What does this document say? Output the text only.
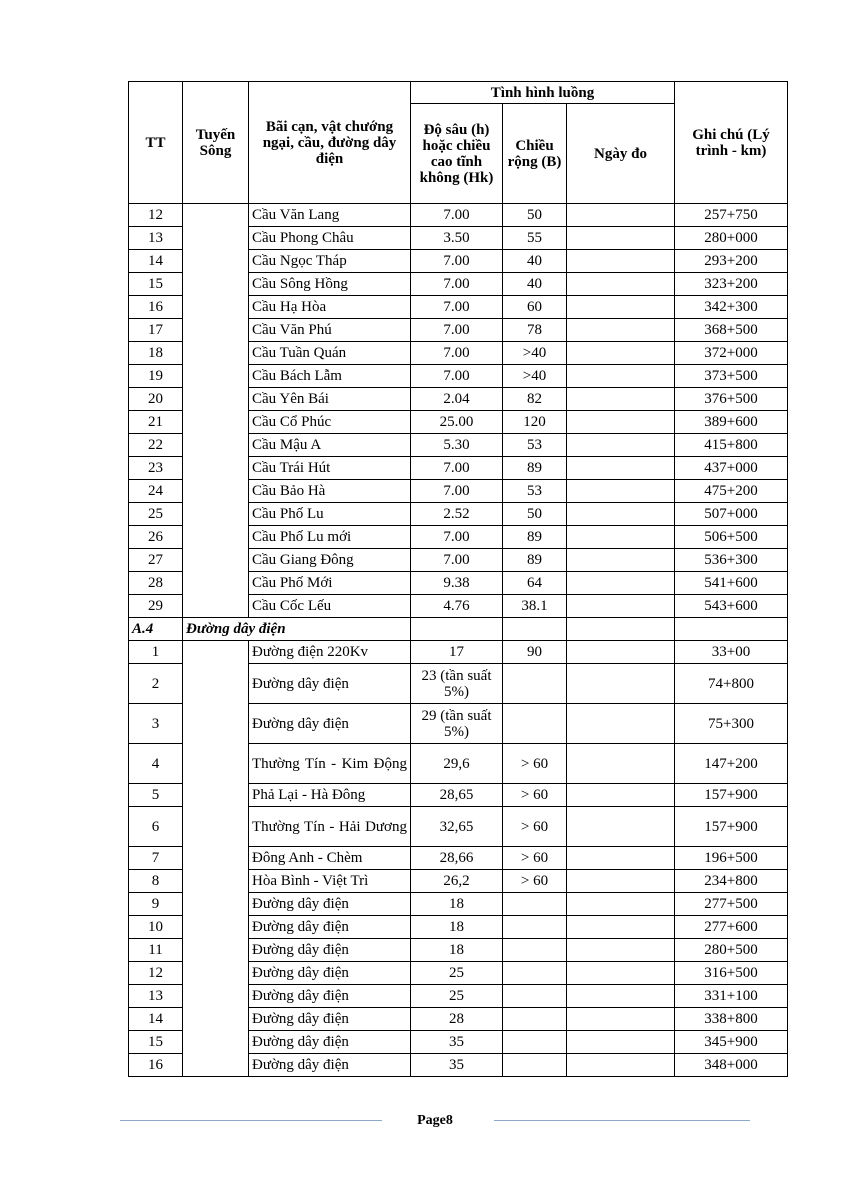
TT	Tuyến Sông	Bãi cạn, vật chướng ngại, cầu, đường dây điện	Tình hình luồng			Ghi chú (Lý trình - km)
			Độ sâu (h) hoặc chiều cao tĩnh không (Hk)	Chiều rộng (B)	Ngày đo	
12		Cầu Văn Lang	7.00	50		257+750
13		Cầu Phong Châu	3.50	55		280+000
14		Cầu Ngọc Tháp	7.00	40		293+200
15		Cầu Sông Hồng	7.00	40		323+200
16		Cầu Hạ Hòa	7.00	60		342+300
17		Cầu Văn Phú	7.00	78		368+500
18		Cầu Tuần Quán	7.00	>40		372+000
19		Cầu Bách Lẫm	7.00	>40		373+500
20		Cầu Yên Bái	2.04	82		376+500
21		Cầu Cổ Phúc	25.00	120		389+600
22		Cầu Mậu A	5.30	53		415+800
23		Cầu Trái Hút	7.00	89		437+000
24		Cầu Bảo Hà	7.00	53		475+200
25		Cầu Phố Lu	2.52	50		507+000
26		Cầu Phố Lu mới	7.00	89		506+500
27		Cầu Giang Đông	7.00	89		536+300
28		Cầu Phố Mới	9.38	64		541+600
29		Cầu Cốc Lếu	4.76	38.1		543+600
A.4	Đường dây điện					
1		Đường điện 220Kv	17	90		33+00
2		Đường dây điện	23 (tần suất 5%)			74+800
3		Đường dây điện	29 (tần suất 5%)			75+300
4		Thường Tín - Kim Động	29,6	> 60		147+200
5		Phả Lại - Hà Đông	28,65	> 60		157+900
6		Thường Tín - Hải Dương	32,65	> 60		157+900
7		Đông Anh - Chèm	28,66	> 60		196+500
8		Hòa Bình - Việt Trì	26,2	> 60		234+800
9		Đường dây điện	18			277+500
10		Đường dây điện	18			277+600
11		Đường dây điện	18			280+500
12		Đường dây điện	25			316+500
13		Đường dây điện	25			331+100
14		Đường dây điện	28			338+800
15		Đường dây điện	35			345+900
16		Đường dây điện	35			348+000
Page8
